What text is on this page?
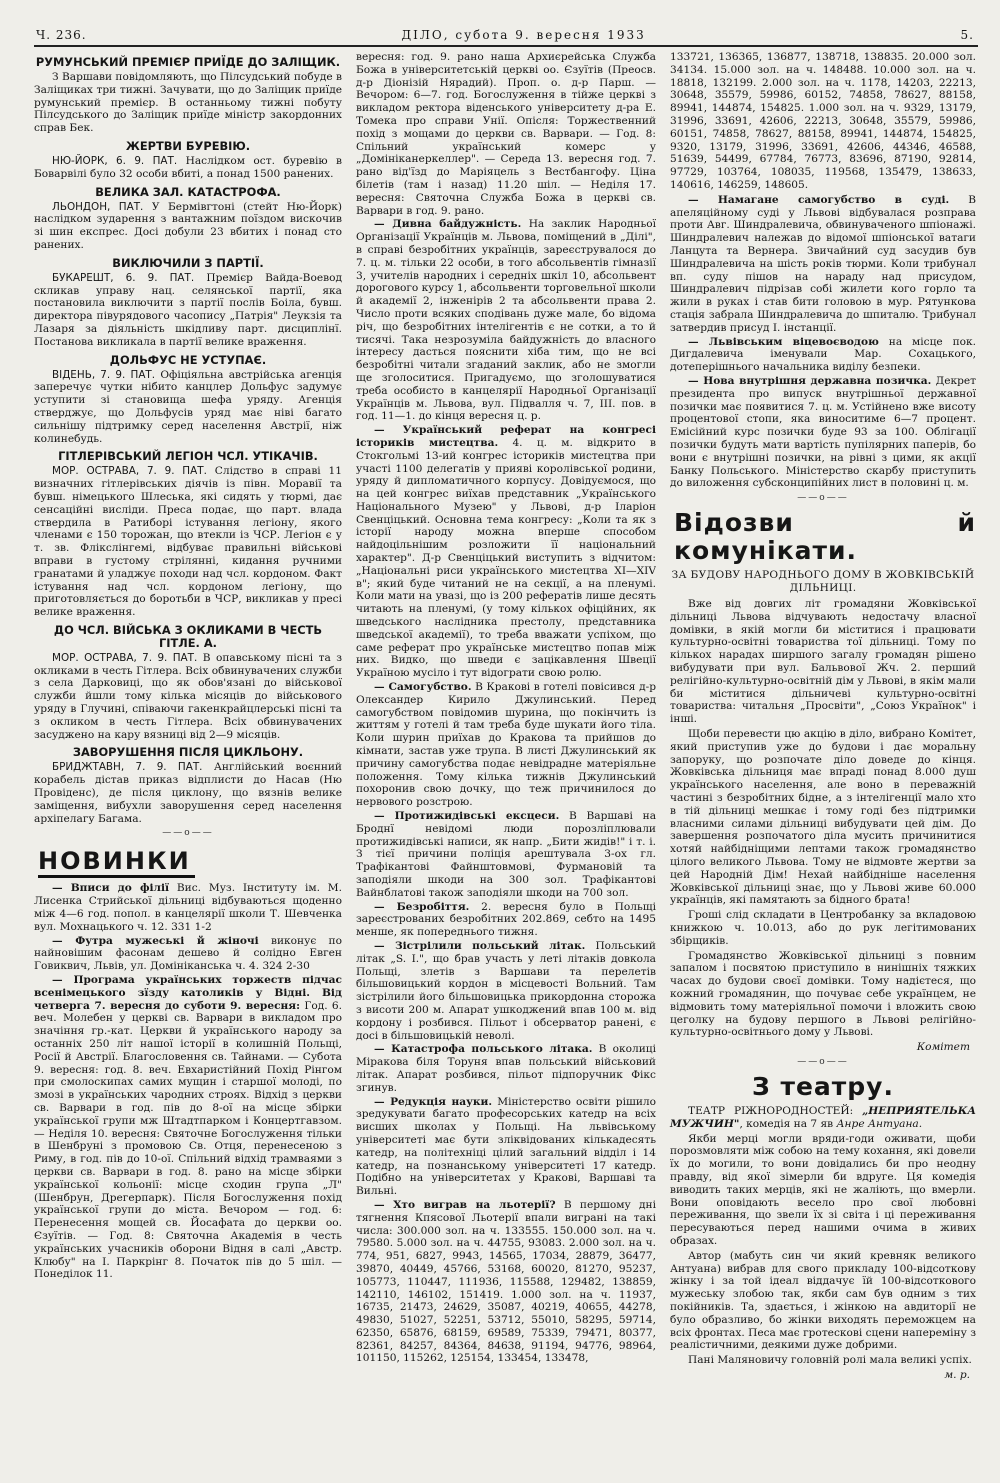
Ч. 236.	ДІЛО, субота 9. вересня 1933	5.
РУМУНСЬКИЙ ПРЕМІЄР ПРИЇДЕ ДО ЗАЛІЩИК.
З Варшави повідомляють, що Пілсудський побуде в Заліщиках три тижні. Зачувати, що до Заліщик приїде румунський премієр. В останньому тижні побуту Пілсудського до Заліщик приїде міністр закордонних справ Бек.
ЖЕРТВИ БУРЕВІЮ.
НЮ-ЙОРК, 6. 9. ПАТ. Наслідком ост. буревію в Боварвілі було 32 особи вбиті, а понад 1500 ранених.
ВЕЛИКА ЗАЛ. КАТАСТРОФА.
ЛЬОНДОН, ПАТ. У Бермівгтоні (стейт Ню-Йорк) наслідком зударення з вантажним поїздом вискочив зі шин експрес. Досі добули 23 вбитих і понад сто ранених.
ВИКЛЮЧИЛИ З ПАРТІЇ.
БУКАРЕШТ, 6. 9. ПАТ. Премієр Вайда-Воевод скликав управу нац. селянської партії, яка постановила виключити з партії послів Боіла, бувш. директора півурядового часопису „Патрія" Леукзія та Лазаря за діяльність шкідливу парт. дисциплінї. Постанова викликала в партії велике враження.
ДОЛЬФУС НЕ УСТУПАЄ.
ВІДЕНЬ, 7. 9. ПАТ. Офіціяльна австрійська агенція заперечує чутки нібито канцлер Дольфус задумує уступити зі становища шефа уряду. Агенція стверджує, що Дольфусів уряд має ніві багато сильнішу підтримку серед населення Австрії, ніж колинебудь.
ГІТЛЕРІВСЬКИЙ ЛЕГІОН ЧСЛ. УТІКАЧІВ.
МОР. ОСТРАВА, 7. 9. ПАТ. Слідство в справі 11 визначних гітлерівських діячів із півн. Моравії та бувш. німецького Шлеська, які сидять у тюрмі, дає сенсаційні висліди. Преса подає, що парт. влада ствердила в Ратиборі істування легіону, якого членами є 150 торожан, що втекли із ЧСР. Легіон є у т. зв. Флікслінгемі, відбуває правильні військові вправи в густому стрілянні, кидання ручними гранатами й уладжує походи над чсл. кордоном. Факт істування над чсл. кордоном легіону, що приготовляється до боротьби в ЧСР, викликав у пресі велике враження.
ДО ЧСЛ. ВІЙСЬКА З ОКЛИКАМИ В ЧЕСТЬ ГІТЛЕ. А.
МОР. ОСТРАВА, 7. 9. ПАТ. В опавському пісні та з окликами в честь Гітлера. Всіх обвинувачених служби з села Дарковиці, що як обов'язані до військової служби йшли тому кілька місяців до військового уряду в Глучині, співаючи гакенкрайцлерські пісні та з окликом в честь Гітлера. Всіх обвинувачених засуджено на кару вязниці від 2—9 місяців.
ЗАВОРУШЕННЯ ПІСЛЯ ЦИКЛЬОНУ.
БРИДЖТАВН, 7. 9. ПАТ. Англійський воєнний корабель дістав приказ відплисти до Насав (Ню Провіденс), де після циклону, що вязнів велике заміщення, вибухли заворушення серед населення архіпелагу Багама.
——o——
НОВИНКИ
— Вписи до філії Вис. Муз. Інституту ім. М. Лисенка Стрийської дільниці відбуваються щоденно між 4—6 год. попол. в канцелярії школи Т. Шевченка вул. Мохнацького ч. 12. 331 1-2
— Футра мужеські й жіночі виконує по найновішим фасонам дешево й солідно Евген Говиквич, Львів, ул. Домініканська ч. 4. 324 2-30
— Програма українських торжеств підчас всенімецького зїзду католиків у Відні. Від четверга 7. вересня до суботи 9. вересня: Год. 6. веч. Молебен у церкві св. Варвари в викладом про значіння гр.-кат. Церкви й українського народу за останніх 250 літ нашої історії в колишній Польщі, Росії й Австрії. Благословення св. Тайнами. — Субота 9. вересня: год. 8. веч. Евхаристійний Похід Рінгом при смолоскипах самих мущин і старшої молоді, по змозі в українських чародних строях. Відхід з церкви св. Варвари в год. пів до 8-ої на місце збірки української групи мж Штадтпарком і Концертгавзом. — Неділя 10. вересня: Святочне Богослуження тільки в Шенбруні з промовою Св. Отця, перенесеною з Риму, в год. пів до 10-ої. Спільний відхід трамваями з церкви св. Варвари в год. 8. рано на місце збірки української кольонії: місце сходин група „Л" (Шенбрун, Дрегерпарк). Після Богослуження похід української групи до міста. Вечором — год. 6: Перенесення мощей св. Йосафата до церкви оо. Єзуїтів. — Год. 8: Святочна Академія в честь українських учасників оборони Відня в салі „Австр. Клюбу" на І. Паркрінг 8. Початок пів до 5 шіл. — Понеділок 11.
вересня: год. 9. рано наша Архиєрейська Служба Божа в університетській церкві оо. Єзуїтів (Преосв. д-р Діонізій Нярадий). Проп. о. д-р Парш. — Вечором: 6—7. год. Богослуження в тійже церкві з викладом ректора віденського університету д-ра Е. Томека про справи Унії. Опісля: Торжественний похід з мощами до церкви св. Варвари. — Год. 8: Спільний український комерс у „Домініканеркеллер". — Середа 13. вересня год. 7. рано від'їзд до Маріяцель з Вестбангофу. Ціна білетів (там і назад) 11.20 шіл. — Неділя 17. вересня: Святочна Служба Божа в церкві св. Варвари в год. 9. рано.
— Дивна байдужність. На заклик Народньої Організації Українців м. Львова, поміщений в „Ділі", в справі безробітних українців, зареєструвалося до 7. ц. м. тільки 22 особи, в того абсольвентів гімназії 3, учителів народних і середніх шкіл 10, абсольвент дорогового курсу 1, абсольвенти торговельної школи й академії 2, інженірів 2 та абсольвенти права 2. Число проти всяких сподівань дуже мале, бо відома річ, що безробітних інтелігентів є не сотки, а то й тисячі. Така незрозуміла байдужність до власного інтересу дасться пояснити хіба тим, що не всі безробітні читали згаданий заклик, або не змогли ще зголоситися. Пригадуємо, що зголошуватися треба особисто в канцелярії Народньої Організації Українців м. Львова, вул. Підвалля ч. 7, ІІІ. пов. в год. 11—1. до кінця вересня ц. р.
— Український реферат на конгресі істориків мистецтва. 4. ц. м. відкрито в Стокгольмі 13-ий конгрес істориків мистецтва при участі 1100 делегатів у приявi королівської родини, уряду й дипломатичного корпусу. Довідуємося, що на цей конгрес виїхав представник „Українського Національного Музею" у Львові, д-р Іларіон Свенціцький. Основна тема конгресу: „Коли та як з історії народу можна вперше способом найдоцільнішим розложити її національний характер". Д-р Свенціцький виступить з відчитом: „Національні риси українського мистецтва ХІ—XIV в"; який буде читаний не на секції, а на пленумі. Коли мати на увазі, що із 200 рефератів лише десять читають на пленумі, (у тому кількох офіційних, як шведського наслідника престолу, представника шведської академії), то треба вважати успіхом, що саме реферат про українське мистецтво попав між них. Видко, що шведи є зацікавлення Швеції Україною мусіло і тут відограти свою ролю.
— Самогубство. В Кракові в готелі повісився д-р Олександер Кирило Джулинський. Перед самогубством повідомив шурина, що покінчить із життям у готелі й там треба буде шукати його тіла. Коли шурин приїхав до Кракова та прийшов до кімнати, застав уже трупа. В листі Джулинський як причину самогубства подає невідрадне матеріяльне положення. Тому кілька тижнів Джулинський похоронив свою дочку, що теж причинилося до нервового розстрою.
— Протижидівські ексцеси. В Варшаві на Броднї невідомі люди порозліплювали протижидівські написи, як напр. „Бити жидів!" і т. і. З тієї причини поліція арештувала 3-ох гл. Трафікантові Файнштовмові, Фурмановій та заподіяли шкоди на 300 зол. Трафікантові Вайнблатові також заподіяли шкоди на 700 зол.
— Безробіття. 2. вересня було в Польщі зареєстрованих безробітних 202.869, себто на 1495 менше, як попереднього тижня.
— Зістрілили польський літак. Польський літак „S. I.", що брав участь у леті літаків довкола Польщі, злетів з Варшави та перелетів більшовицький кордон в місцевості Вольний. Там зістрілили його більшовицька прикордонна сторожа з висоти 200 м. Апарат ушкоджений впав 100 м. від кордону і розбився. Пільот і обсерватор ранені, є досі в більшовицькій неволі.
— Катастрофа польського літака. В околиці Міракова біля Торуня впав польський військовий літак. Апарат розбився, пільот підпоручник Фікс згинув.
— Редукція науки. Міністерство освіти рішило зредукувати багато професорських катедр на всіх висших школах у Польщі. На львівському університеті має бути зліквідованих кількадесять катедр, на політехніці цілий загальний відділ і 14 катедр, на познанському університеті 17 катедр. Подібно на університетах у Кракові, Варшаві та Вильні.
— Хто виграв на льотерії? В першому дні тягнення Кпясової Льотерії впали виграні на такі числа: 300.000 зол. на ч. 133555. 150.000 зол. на ч. 79580. 5.000 зол. на ч. 44755, 93083. 2.000 зол. на ч. 774, 951, 6827, 9943, 14565, 17034, 28879, 36477, 39870, 40449, 45766, 53168, 60020, 81270, 95237, 105773, 110447, 111936, 115588, 129482, 138859, 142110, 146102, 151419. 1.000 зол. на ч. 11937, 16735, 21473, 24629, 35087, 40219, 40655, 44278, 49830, 51027, 52251, 53712, 55010, 58295, 59714, 62350, 65876, 68159, 69589, 75339, 79471, 80377, 82361, 84257, 84364, 84638, 91194, 94776, 98964, 101150, 115262, 125154, 133454, 133478,
133721, 136365, 136877, 138718, 138835. 20.000 зол. 34134. 15.000 зол. на ч. 148488. 10.000 зол. на ч. 18818, 132199. 2.000 зол. на ч. 1178, 14203, 22213, 30648, 35579, 59986, 60152, 74858, 78627, 88158, 89941, 144874, 154825. 1.000 зол. на ч. 9329, 13179, 31996, 33691, 42606, 22213, 30648, 35579, 59986, 60151, 74858, 78627, 88158, 89941, 144874, 154825, 9320, 13179, 31996, 33691, 42606, 44346, 46588, 51639, 54499, 67784, 76773, 83696, 87190, 92814, 97729, 103764, 108035, 119568, 135479, 138633, 140616, 146259, 148605.
— Намагане самогубство в суді. В апеляційному суді у Львові відбувалася розправа проти Авг. Шиндралевича, обвинуваченого шпіонажі. Шиндралевич належав до відомої шпіонської ватаги Ланцута та Вернера. Звичайний суд засудив був Шиндралевича на шість років тюрми. Коли трибунал вп. суду пішов на нараду над присудом, Шиндралевич підрізав собі жилети кого горло та жили в руках і став бити головою в мур. Рятункова стація забрала Шиндралевича до шпиталю. Трибунал затвердив присуд І. інстанції.
— Львівським віцевоєводою на місце пок. Дигдалевича іменували Мар. Сохацького, дотеперішнього начальника виділу безпеки.
— Нова внутрішня державна позичка. Декрет президента про випуск внутрішньої державної позички має появитися 7. ц. м. Устійнено вже висоту процентової стопи, яка виноситиме 6—7 процент. Емісійний курс позички буде 93 за 100. Облігації позички будуть мати вартість пупілярних паперів, бо вони є внутрішні позички, на рівні з цими, як акції Банку Польського. Міністерство скарбу приступить до виложення субсконципійних лист в половині ц. м.
——o——
Відозви й комунікати.
ЗА БУДОВУ НАРОДНЬОГО ДОМУ В ЖОВКІВСЬКІЙ ДІЛЬНИЦІ.
Вже від довгих літ громадяни Жовківської дільниці Львова відчувають недостачу власної домівки, в якій могли би міститися і працювати культурно-освітні товариства тої дільниці. Тому по кількох нарадах ширшого загалу громадян рішено вибудувати при вул. Бальвової Жч. 2. перший релігійно-культурно-освітній дім у Львові, в якім мали би міститися дільничеві культурно-освітні товариства: читальня „Просвіти", „Союз Українок" і інші.
Щоби перевести цю акцію в діло, вибрано Комітет, який приступив уже до будови і дає моральну запоруку, що розпочате діло доведе до кінця. Жовківська дільниця має впраді понад 8.000 душ українського населення, але воно в переважній частині з безробітних бідне, а з інтелігенції мало хто в тій дільниці мешкає і тому годі без підтримки власними силами дільниці вибудувати цей дім. До завершення розпочатого діла мусить причинитися хотяй найбідніщими лептами також громадянство цілого великого Львова. Тому не відмовте жертви за цей Народній Дім! Нехай найбідніше населення Жовківської дільниці знає, що у Львові живе 60.000 українців, які памятають за бідного брата!
Гроші слід складати в Центробанку за вкладовою книжкою ч. 10.013, або до рук легітимованих збірщиків.
Громадянство Жовківської дільниці з повним запалом і посвятою приступило в нинішніх тяжких часах до будови своєї домівки. Тому надієтеся, що кожний громадянин, що почуває себе українцем, не відмовить тому матеріяльної помочи і вложить свою цеголку на будову першого в Львові релігійно-культурно-освітнього дому у Львові.
Комітет
——o——
З театру.
ТЕАТР РІЖНОРОДНОСТЕЙ: „НЕПРИЯТЕЛЬКА МУЖЧИН", комедія на 7 яв Анре Антуана.
Якби мерці могли вряди-годи оживати, щоби порозмовляти між собою на тему кохання, які довели їх до могили, то вони довідались би про неодну правду, від якої зімерли би вдруге. Ця комедія виводить таких мерців, які не жаліють, що вмерли. Вони оповідають весело про свої любовні переживання, що звели їх зі світа і ці переживання пересуваються перед нашими очима в живих образах.
Автор (мабуть син чи який кревняк великого Антуана) вибрав для свого прикладу 100-відсоткову жінку і за той ідеал віддачує їй 100-відсоткового мужеську злобою так, якби сам був одним з тих покійників. Та, здається, і жінкою на авдиторії не було образливо, бо жінки виходять переможцем на всіх фронтах. Песа має гротескові сцени напереміну з реалістичними, деякими дуже добрими.
Пані Маляновичу головній ролі мала великі успіх.
м. р.
